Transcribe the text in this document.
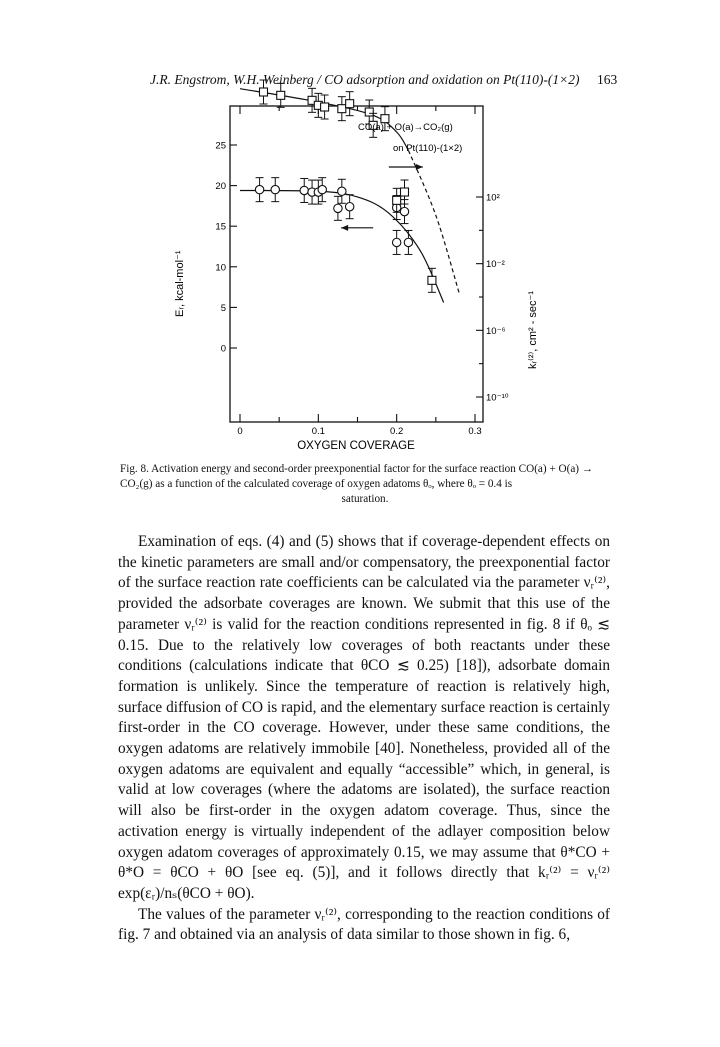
J.R. Engstrom, W.H. Weinberg / CO adsorption and oxidation on Pt(110)-(1×2) 163
0	0.1	0.2	0.3
25
20
15
10
5
0
10²
10⁻²
10⁻⁶
10⁻¹⁰
CO(a) + O(a)→CO₂(g)
on Pt(110)-(1×2)
Eᵣ, kcal-mol⁻¹
kᵣ⁽²⁾, cm² - sec⁻¹
OXYGEN COVERAGE
Fig. 8. Activation energy and second-order preexponential factor for the surface reaction CO(a) + O(a) → CO₂(g) as a function of the calculated coverage of oxygen adatoms θₒ, where θₒ = 0.4 is
saturation.

Examination of eqs. (4) and (5) shows that if coverage-dependent effects on the kinetic parameters are small and/or compensatory, the preexponential factor of the surface reaction rate coefficients can be calculated via the parameter νᵣ⁽²⁾, provided the adsorbate coverages are known. We submit that this use of the parameter νᵣ⁽²⁾ is valid for the reaction conditions represented in fig. 8 if θₒ ≲ 0.15. Due to the relatively low coverages of both reactants under these conditions (calculations indicate that θCO ≲ 0.25) [18]), adsorbate domain formation is unlikely. Since the temperature of reaction is relatively high, surface diffusion of CO is rapid, and the elementary surface reaction is certainly first-order in the CO coverage. However, under these same conditions, the oxygen adatoms are relatively immobile [40]. Nonetheless, provided all of the oxygen adatoms are equivalent and equally “accessible” which, in general, is valid at low coverages (where the adatoms are isolated), the surface reaction will also be first-order in the oxygen adatom coverage. Thus, since the activation energy is virtually independent of the adlayer composition below oxygen adatom coverages of approximately 0.15, we may assume that θ*CO + θ*O = θCO + θO [see eq. (5)], and it follows directly that kᵣ⁽²⁾ = νᵣ⁽²⁾ exp(εᵣ)/nₛ(θCO + θO).

The values of the parameter νᵣ⁽²⁾, corresponding to the reaction conditions of fig. 7 and obtained via an analysis of data similar to those shown in fig. 6,
